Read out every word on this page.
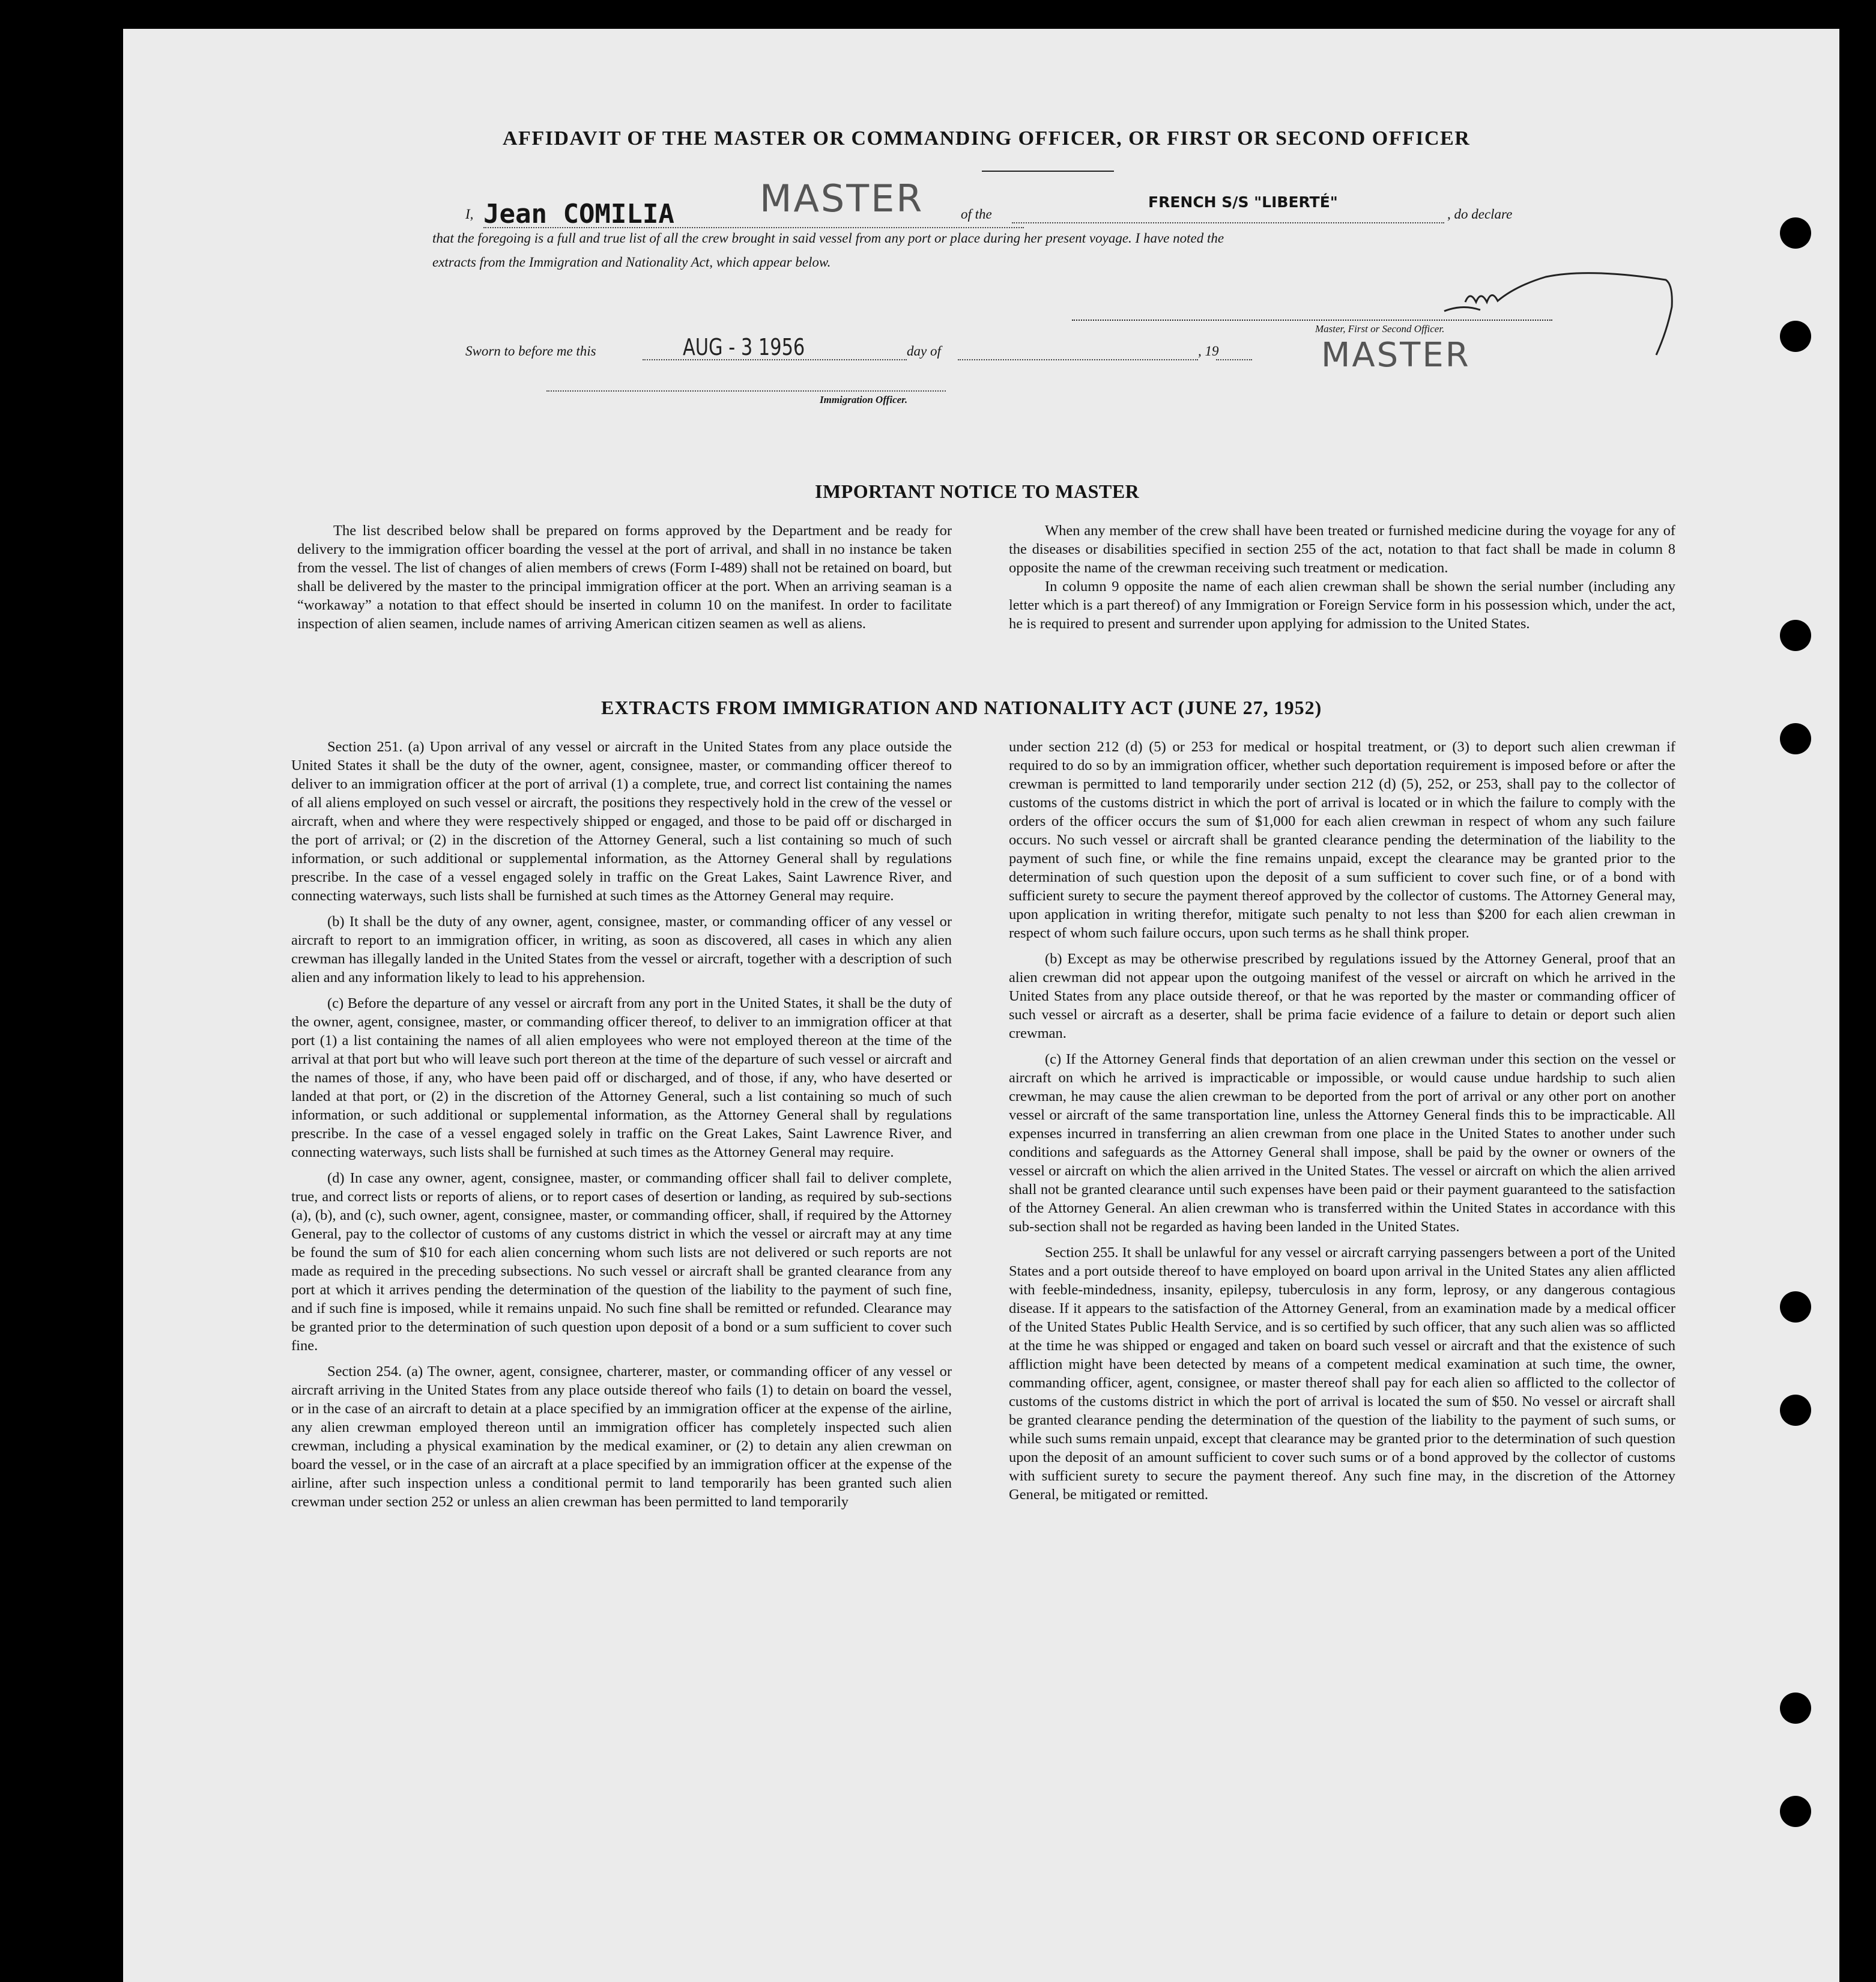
AFFIDAVIT OF THE MASTER OR COMMANDING OFFICER, OR FIRST OR SECOND OFFICER
I, Jean COMILIA MASTER	of the
FRENCH S/S "LIBERTÉ"
, do declare
that the foregoing is a full and true list of all the crew brought in said vessel from any port or place during her present voyage. I have noted the
extracts from the Immigration and Nationality Act, which appear below.
Master, First or Second Officer.
MASTER
Sworn to before me this	AUG - 3 1956	day of	, 19
Immigration Officer.
IMPORTANT NOTICE TO MASTER

The list described below shall be prepared on forms approved by the Department and be ready for delivery to the immigration officer boarding the vessel at the port of arrival, and shall in no instance be taken from the vessel. The list of changes of alien members of crews (Form I-489) shall not be retained on board, but shall be delivered by the master to the principal immigration officer at the port. When an arriving seaman is a “workaway” a notation to that effect should be inserted in column 10 on the manifest. In order to facilitate inspection of alien seamen, include names of arriving American citizen seamen as well as aliens.

When any member of the crew shall have been treated or furnished medicine during the voyage for any of the diseases or disabilities specified in section 255 of the act, notation to that fact shall be made in column 8 opposite the name of the crewman receiving such treatment or medication.

In column 9 opposite the name of each alien crewman shall be shown the serial number (including any letter which is a part thereof) of any Immigration or Foreign Service form in his possession which, under the act, he is required to present and surrender upon applying for admission to the United States.

EXTRACTS FROM IMMIGRATION AND NATIONALITY ACT (JUNE 27, 1952)

Section 251. (a) Upon arrival of any vessel or aircraft in the United States from any place outside the United States it shall be the duty of the owner, agent, consignee, master, or commanding officer thereof to deliver to an immigration officer at the port of arrival (1) a complete, true, and correct list containing the names of all aliens employed on such vessel or aircraft, the positions they respectively hold in the crew of the vessel or aircraft, when and where they were respectively shipped or engaged, and those to be paid off or discharged in the port of arrival; or (2) in the discretion of the Attorney General, such a list containing so much of such information, or such additional or supplemental information, as the Attorney General shall by regulations prescribe. In the case of a vessel engaged solely in traffic on the Great Lakes, Saint Lawrence River, and connecting waterways, such lists shall be furnished at such times as the Attorney General may require.

(b) It shall be the duty of any owner, agent, consignee, master, or commanding officer of any vessel or aircraft to report to an immigration officer, in writing, as soon as discovered, all cases in which any alien crewman has illegally landed in the United States from the vessel or aircraft, together with a description of such alien and any information likely to lead to his apprehension.

(c) Before the departure of any vessel or aircraft from any port in the United States, it shall be the duty of the owner, agent, consignee, master, or commanding officer thereof, to deliver to an immigration officer at that port (1) a list containing the names of all alien employees who were not employed thereon at the time of the arrival at that port but who will leave such port thereon at the time of the departure of such vessel or aircraft and the names of those, if any, who have been paid off or discharged, and of those, if any, who have deserted or landed at that port, or (2) in the discretion of the Attorney General, such a list containing so much of such information, or such additional or supplemental information, as the Attorney General shall by regulations prescribe. In the case of a vessel engaged solely in traffic on the Great Lakes, Saint Lawrence River, and connecting waterways, such lists shall be furnished at such times as the Attorney General may require.

(d) In case any owner, agent, consignee, master, or commanding officer shall fail to deliver complete, true, and correct lists or reports of aliens, or to report cases of desertion or landing, as required by sub-sections (a), (b), and (c), such owner, agent, consignee, master, or commanding officer, shall, if required by the Attorney General, pay to the collector of customs of any customs district in which the vessel or aircraft may at any time be found the sum of $10 for each alien concerning whom such lists are not delivered or such reports are not made as required in the preceding subsections. No such vessel or aircraft shall be granted clearance from any port at which it arrives pending the determination of the question of the liability to the payment of such fine, and if such fine is imposed, while it remains unpaid. No such fine shall be remitted or refunded. Clearance may be granted prior to the determination of such question upon deposit of a bond or a sum sufficient to cover such fine.

Section 254. (a) The owner, agent, consignee, charterer, master, or commanding officer of any vessel or aircraft arriving in the United States from any place outside thereof who fails (1) to detain on board the vessel, or in the case of an aircraft to detain at a place specified by an immigration officer at the expense of the airline, any alien crewman employed thereon until an immigration officer has completely inspected such alien crewman, including a physical examination by the medical examiner, or (2) to detain any alien crewman on board the vessel, or in the case of an aircraft at a place specified by an immigration officer at the expense of the airline, after such inspection unless a conditional permit to land temporarily has been granted such alien crewman under section 252 or unless an alien crewman has been permitted to land temporarily

under section 212 (d) (5) or 253 for medical or hospital treatment, or (3) to deport such alien crewman if required to do so by an immigration officer, whether such deportation requirement is imposed before or after the crewman is permitted to land temporarily under section 212 (d) (5), 252, or 253, shall pay to the collector of customs of the customs district in which the port of arrival is located or in which the failure to comply with the orders of the officer occurs the sum of $1,000 for each alien crewman in respect of whom any such failure occurs. No such vessel or aircraft shall be granted clearance pending the determination of the liability to the payment of such fine, or while the fine remains unpaid, except the clearance may be granted prior to the determination of such question upon the deposit of a sum sufficient to cover such fine, or of a bond with sufficient surety to secure the payment thereof approved by the collector of customs. The Attorney General may, upon application in writing therefor, mitigate such penalty to not less than $200 for each alien crewman in respect of whom such failure occurs, upon such terms as he shall think proper.

(b) Except as may be otherwise prescribed by regulations issued by the Attorney General, proof that an alien crewman did not appear upon the outgoing manifest of the vessel or aircraft on which he arrived in the United States from any place outside thereof, or that he was reported by the master or commanding officer of such vessel or aircraft as a deserter, shall be prima facie evidence of a failure to detain or deport such alien crewman.

(c) If the Attorney General finds that deportation of an alien crewman under this section on the vessel or aircraft on which he arrived is impracticable or impossible, or would cause undue hardship to such alien crewman, he may cause the alien crewman to be deported from the port of arrival or any other port on another vessel or aircraft of the same transportation line, unless the Attorney General finds this to be impracticable. All expenses incurred in transferring an alien crewman from one place in the United States to another under such conditions and safeguards as the Attorney General shall impose, shall be paid by the owner or owners of the vessel or aircraft on which the alien arrived in the United States. The vessel or aircraft on which the alien arrived shall not be granted clearance until such expenses have been paid or their payment guaranteed to the satisfaction of the Attorney General. An alien crewman who is transferred within the United States in accordance with this sub-section shall not be regarded as having been landed in the United States.

Section 255. It shall be unlawful for any vessel or aircraft carrying passengers between a port of the United States and a port outside thereof to have employed on board upon arrival in the United States any alien afflicted with feeble-mindedness, insanity, epilepsy, tuberculosis in any form, leprosy, or any dangerous contagious disease. If it appears to the satisfaction of the Attorney General, from an examination made by a medical officer of the United States Public Health Service, and is so certified by such officer, that any such alien was so afflicted at the time he was shipped or engaged and taken on board such vessel or aircraft and that the existence of such affliction might have been detected by means of a competent medical examination at such time, the owner, commanding officer, agent, consignee, or master thereof shall pay for each alien so afflicted to the collector of customs of the customs district in which the port of arrival is located the sum of $50. No vessel or aircraft shall be granted clearance pending the determination of the question of the liability to the payment of such sums, or while such sums remain unpaid, except that clearance may be granted prior to the determination of such question upon the deposit of an amount sufficient to cover such sums or of a bond approved by the collector of customs with sufficient surety to secure the payment thereof. Any such fine may, in the discretion of the Attorney General, be mitigated or remitted.
